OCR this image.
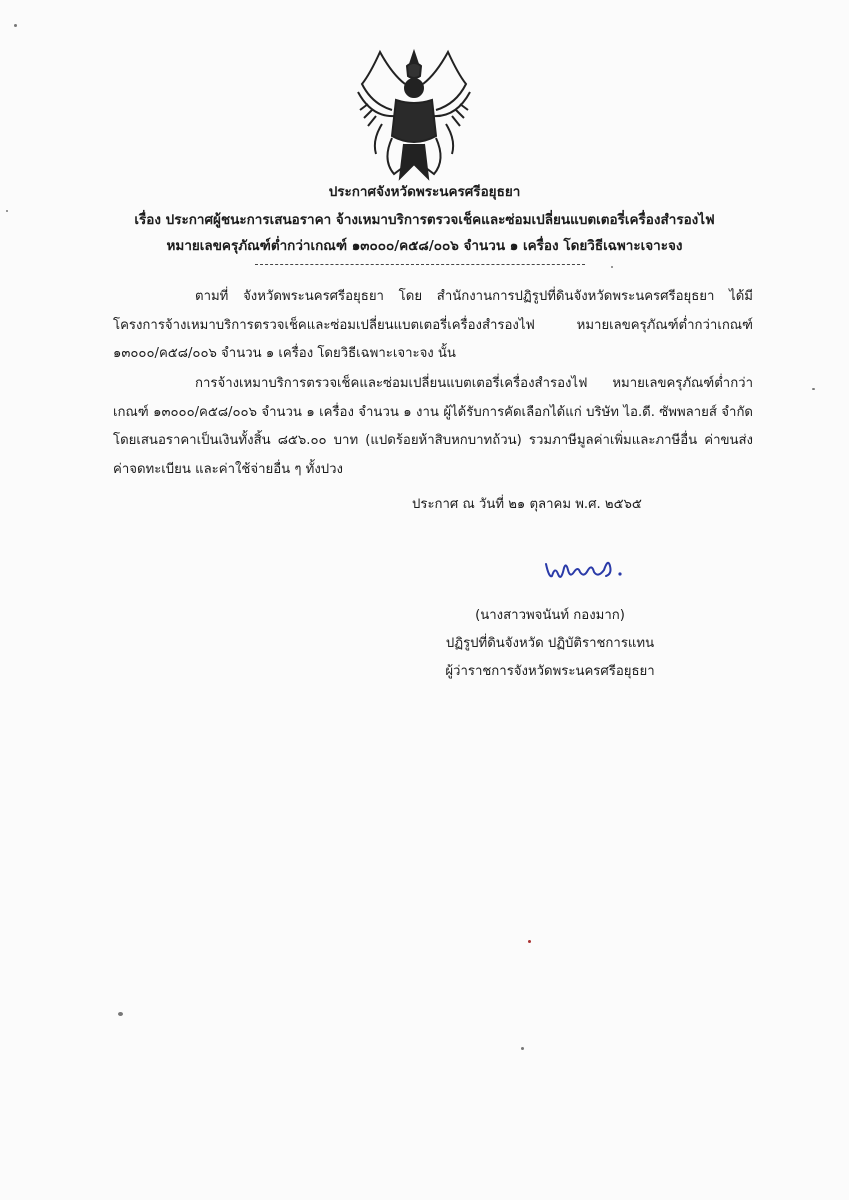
ประกาศจังหวัดพระนครศรีอยุธยา
เรื่อง ประกาศผู้ชนะการเสนอราคา จ้างเหมาบริการตรวจเช็คและซ่อมเปลี่ยนแบตเตอรี่เครื่องสำรองไฟ
หมายเลขครุภัณฑ์ต่ำกว่าเกณฑ์ ๑๓๐๐๐/ค๕๘/๐๐๖ จำนวน ๑ เครื่อง โดยวิธีเฉพาะเจาะจง
ตามที่ จังหวัดพระนครศรีอยุธยา โดย สำนักงานการปฏิรูปที่ดินจังหวัดพระนครศรีอยุธยา ได้มีโครงการจ้างเหมาบริการตรวจเช็คและซ่อมเปลี่ยนแบตเตอรี่เครื่องสำรองไฟ หมายเลขครุภัณฑ์ต่ำกว่าเกณฑ์ ๑๓๐๐๐/ค๕๘/๐๐๖ จำนวน ๑ เครื่อง โดยวิธีเฉพาะเจาะจง นั้น
การจ้างเหมาบริการตรวจเช็คและซ่อมเปลี่ยนแบตเตอรี่เครื่องสำรองไฟ หมายเลขครุภัณฑ์ต่ำกว่าเกณฑ์ ๑๓๐๐๐/ค๕๘/๐๐๖ จำนวน ๑ เครื่อง จำนวน ๑ งาน ผู้ได้รับการคัดเลือกได้แก่ บริษัท ไอ.ดี. ซัพพลายส์ จำกัด โดยเสนอราคาเป็นเงินทั้งสิ้น ๘๕๖.๐๐ บาท (แปดร้อยห้าสิบหกบาทถ้วน) รวมภาษีมูลค่าเพิ่มและภาษีอื่น ค่าขนส่ง ค่าจดทะเบียน และค่าใช้จ่ายอื่น ๆ ทั้งปวง
ประกาศ ณ วันที่ ๒๑ ตุลาคม พ.ศ. ๒๕๖๕
(นางสาวพจนันท์ กองมาก)
ปฏิรูปที่ดินจังหวัด ปฏิบัติราชการแทน
ผู้ว่าราชการจังหวัดพระนครศรีอยุธยา
